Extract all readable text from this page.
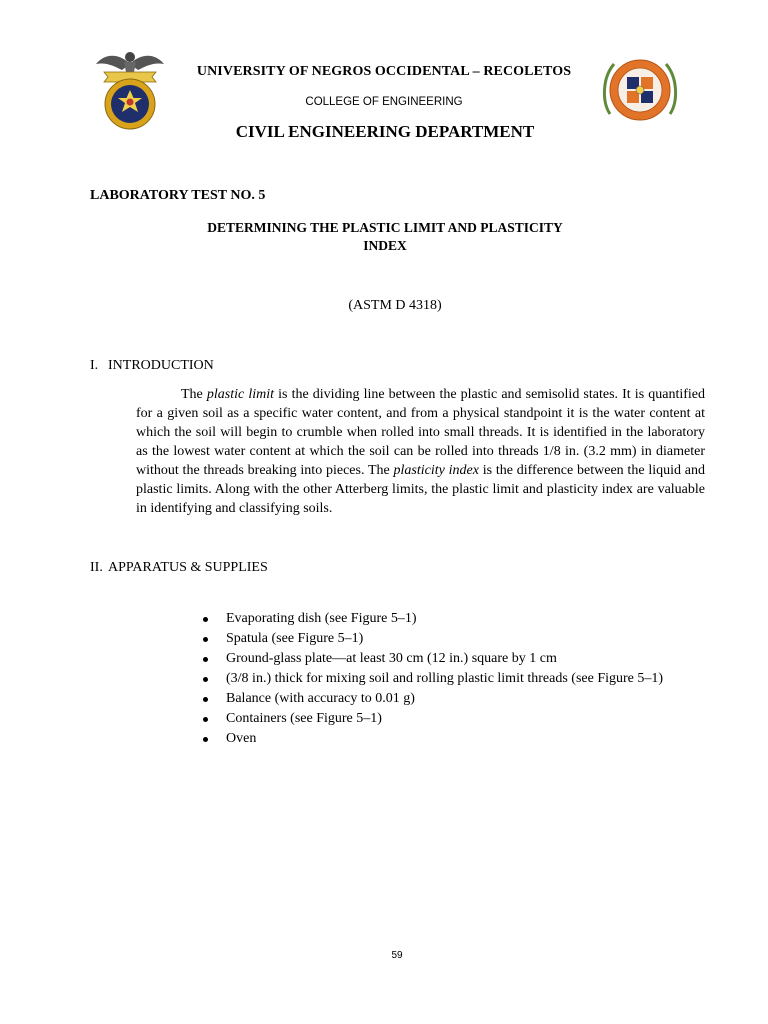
UNIVERSITY OF NEGROS OCCIDENTAL – RECOLETOS
COLLEGE OF ENGINEERING
CIVIL ENGINEERING DEPARTMENT
LABORATORY TEST NO. 5
DETERMINING THE PLASTIC LIMIT AND PLASTICITY
INDEX
(ASTM D 4318)
I. INTRODUCTION

The plastic limit is the dividing line between the plastic and semisolid states. It is quantified for a given soil as a specific water content, and from a physical standpoint it is the water content at which the soil will begin to crumble when rolled into small threads. It is identified in the laboratory as the lowest water content at which the soil can be rolled into threads 1/8 in. (3.2 mm) in diameter without the threads breaking into pieces. The plasticity index is the difference between the liquid and plastic limits. Along with the other Atterberg limits, the plastic limit and plasticity index are valuable in identifying and classifying soils.

II. APPARATUS & SUPPLIES
Evaporating dish (see Figure 5–1)
Spatula (see Figure 5–1)
Ground-glass plate—at least 30 cm (12 in.) square by 1 cm
(3/8 in.) thick for mixing soil and rolling plastic limit threads (see Figure 5–1)
Balance (with accuracy to 0.01 g)
Containers (see Figure 5–1)
Oven
59
